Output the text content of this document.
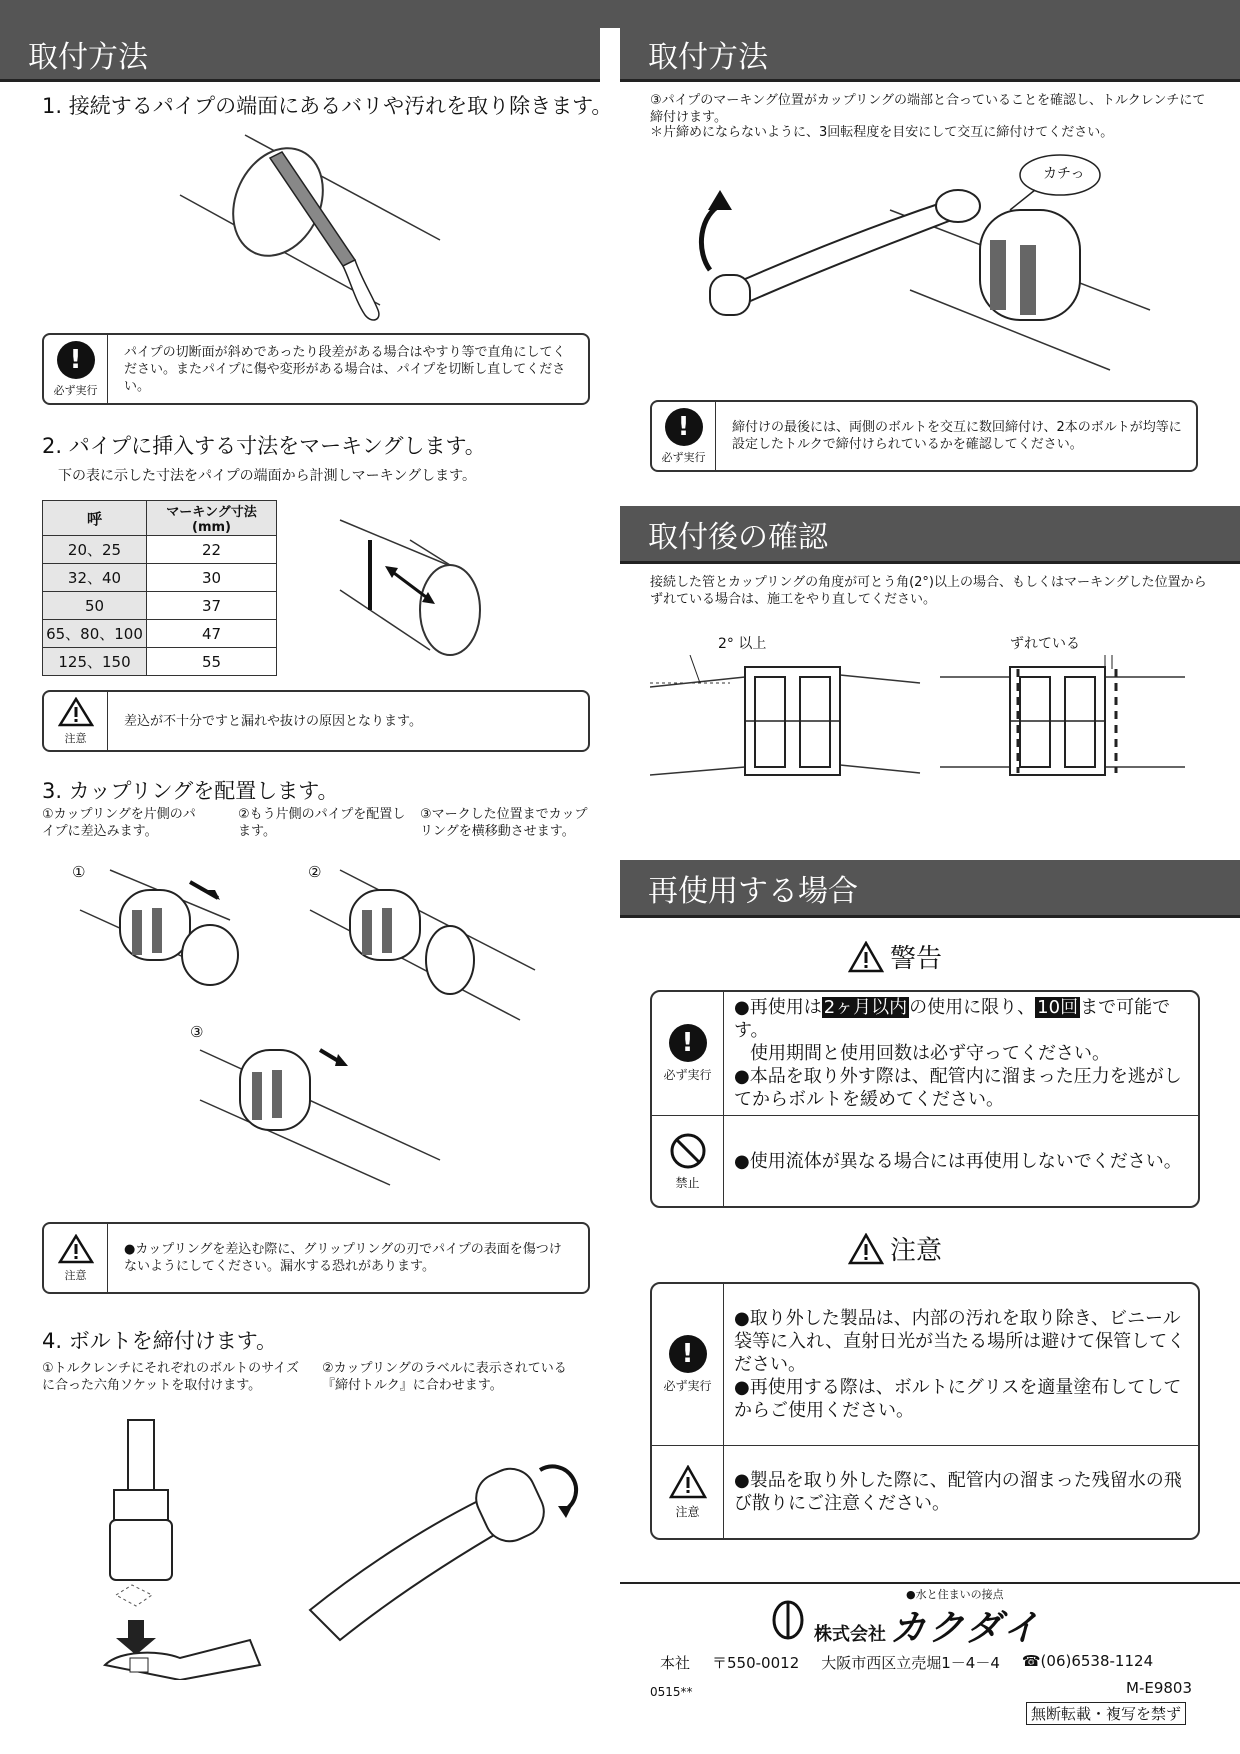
取付方法	取付方法
1. 接続するパイプの端面にあるバリや汚れを取り除きます。
!
必ず実行
パイプの切断面が斜めであったり段差がある場合はやすり等で直角にしてください。またパイプに傷や変形がある場合は、パイプを切断し直してください。
2. パイプに挿入する寸法をマーキングします。
下の表に示した寸法をパイプの端面から計測しマーキングします。
呼	マーキング寸法(mm)
20、25	22
32、40	30
50	37
65、80、100	47
125、150	55
注意
差込が不十分ですと漏れや抜けの原因となります。
3. カップリングを配置します。
①カップリングを片側のパイプに差込みます。
②もう片側のパイプを配置します。
③マークした位置までカップリングを横移動させます。
①	②
③
注意
●カップリングを差込む際に、グリップリングの刃でパイプの表面を傷つけないようにしてください。漏水する恐れがあります。
4. ボルトを締付けます。
①トルクレンチにそれぞれのボルトのサイズに合った六角ソケットを取付けます。
②カップリングのラベルに表示されている『締付トルク』に合わせます。
③パイプのマーキング位置がカップリングの端部と合っていることを確認し、トルクレンチにて締付けます。
＊片締めにならないように、3回転程度を目安にして交互に締付けてください。
カチっ
!
必ず実行
締付けの最後には、両側のボルトを交互に数回締付け、2本のボルトが均等に設定したトルクで締付けられているかを確認してください。
取付後の確認
接続した管とカップリングの角度が可とう角(2°)以上の場合、もしくはマーキングした位置からずれている場合は、施工をやり直してください。
2° 以上	ずれている
再使用する場合
警告
!
必ず実行
●再使用は 2ヶ月以内 の使用に限り、 10回 まで可能です。
使用期間と使用回数は必ず守ってください。
●本品を取り外す際は、配管内に溜まった圧力を逃がしてからボルトを緩めてください。
禁止
●使用流体が異なる場合には再使用しないでください。
注意
!
必ず実行
●取り外した製品は、内部の汚れを取り除き、ビニール袋等に入れ、直射日光が当たる場所は避けて保管してください。
●再使用する際は、ボルトにグリスを適量塗布してしてからご使用ください。
注意
●製品を取り外した際に、配管内の溜まった残留水の飛び散りにご注意ください。
●水と住まいの接点
株式会社 カクダイ
本社 〒550-0012 大阪市西区立売堀1－4－4 ☎(06)6538-1124
0515**	M-E9803
無断転載・複写を禁ず
